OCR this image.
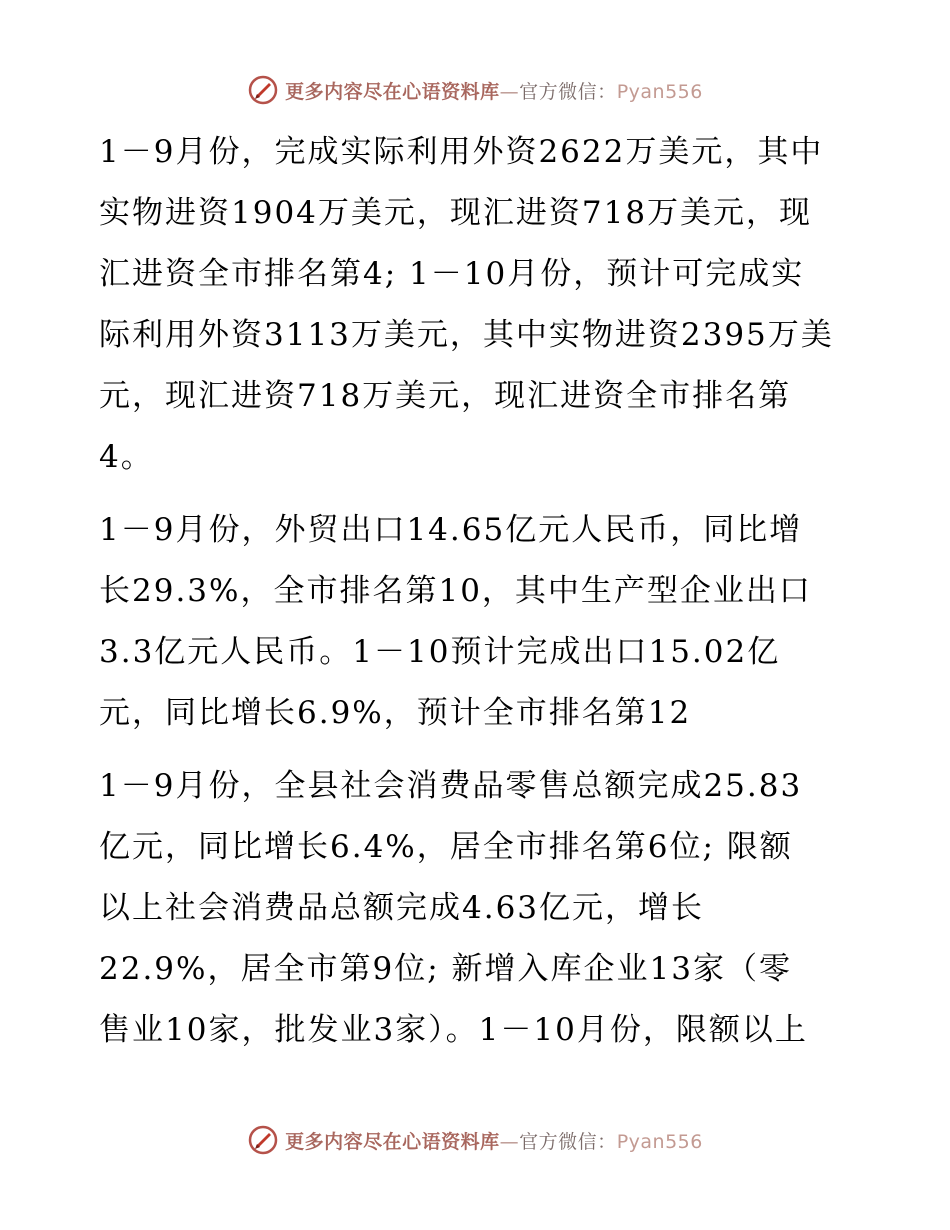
更多内容尽在心语资料库—官方微信：Pyan556

1－9月份，完成实际利用外资2622万美元，其中
实物进资1904万美元，现汇进资718万美元，现
汇进资全市排名第4; 1－10月份，预计可完成实
际利用外资3113万美元，其中实物进资2395万美
元，现汇进资718万美元，现汇进资全市排名第
4。

1－9月份，外贸出口14.65亿元人民币，同比增
长29.3%，全市排名第10，其中生产型企业出口
3.3亿元人民币。1－10预计完成出口15.02亿
元，同比增长6.9%，预计全市排名第12

1－9月份，全县社会消费品零售总额完成25.83
亿元，同比增长6.4%，居全市排名第6位; 限额
以上社会消费品总额完成4.63亿元，增长
22.9%，居全市第9位; 新增入库企业13家（零
售业10家，批发业3家）。1－10月份，限额以上

更多内容尽在心语资料库—官方微信：Pyan556
